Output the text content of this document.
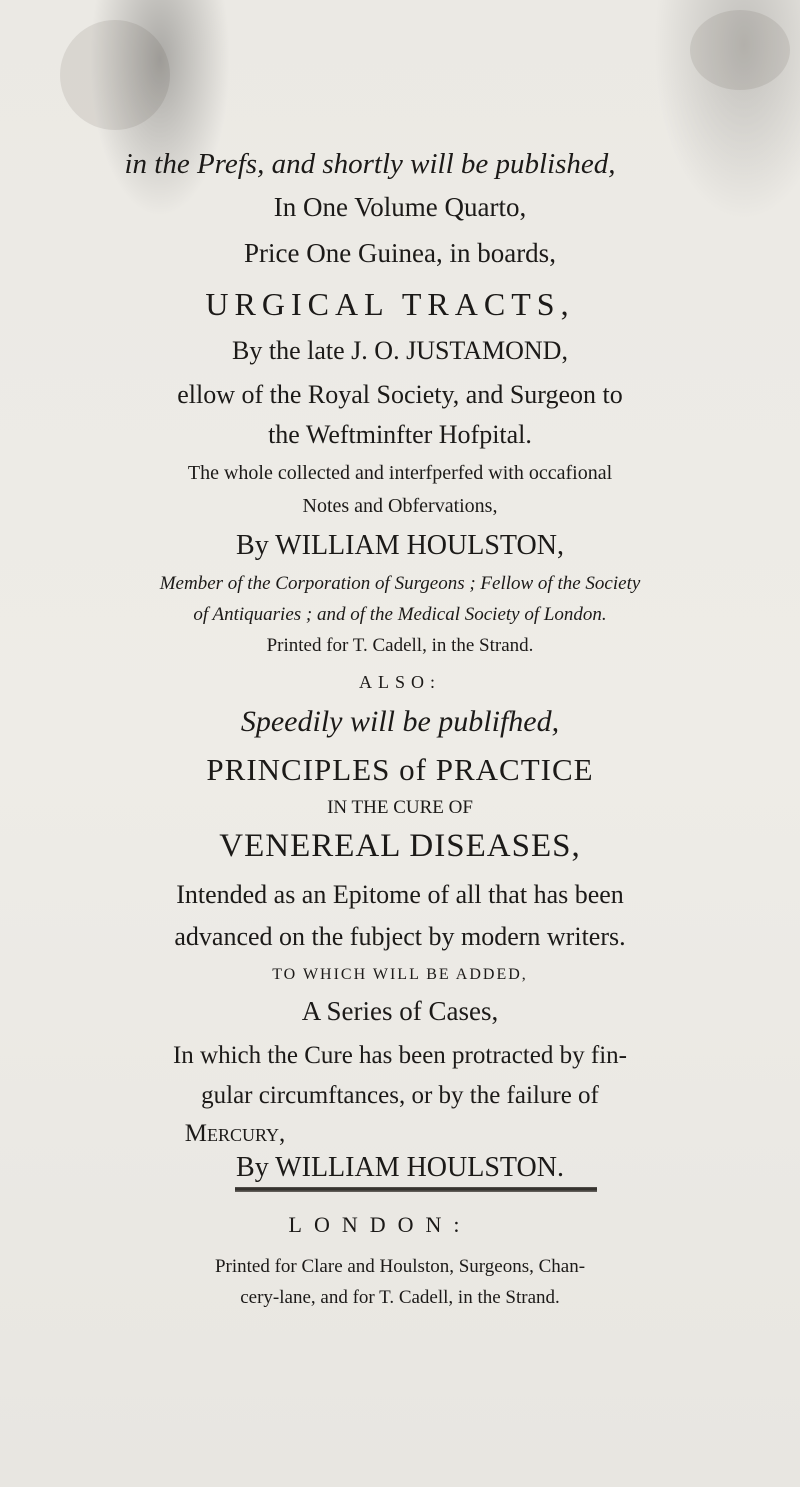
in the Prefs, and shortly will be published,
In One Volume Quarto,
Price One Guinea, in boards,
URGICAL TRACTS,
By the late J. O. JUSTAMOND,
ellow of the Royal Society, and Surgeon to
the Weftminfter Hofpital.
The whole collected and interfperfed with occafional
Notes and Obfervations,
By WILLIAM HOULSTON,
Member of the Corporation of Surgeons ; Fellow of the Society
of Antiquaries ; and of the Medical Society of London.
Printed for T. Cadell, in the Strand.
ALSO:
Speedily will be publifhed,
PRINCIPLES of PRACTICE
IN THE CURE OF
VENEREAL DISEASES,
Intended as an Epitome of all that has been
advanced on the fubject by modern writers.
TO WHICH WILL BE ADDED,
A Series of Cases,
In which the Cure has been protracted by fin-
gular circumftances, or by the failure of
Mercury,
By WILLIAM HOULSTON.
LONDON:
Printed for Clare and Houlston, Surgeons, Chan-
cery-lane, and for T. Cadell, in the Strand.
